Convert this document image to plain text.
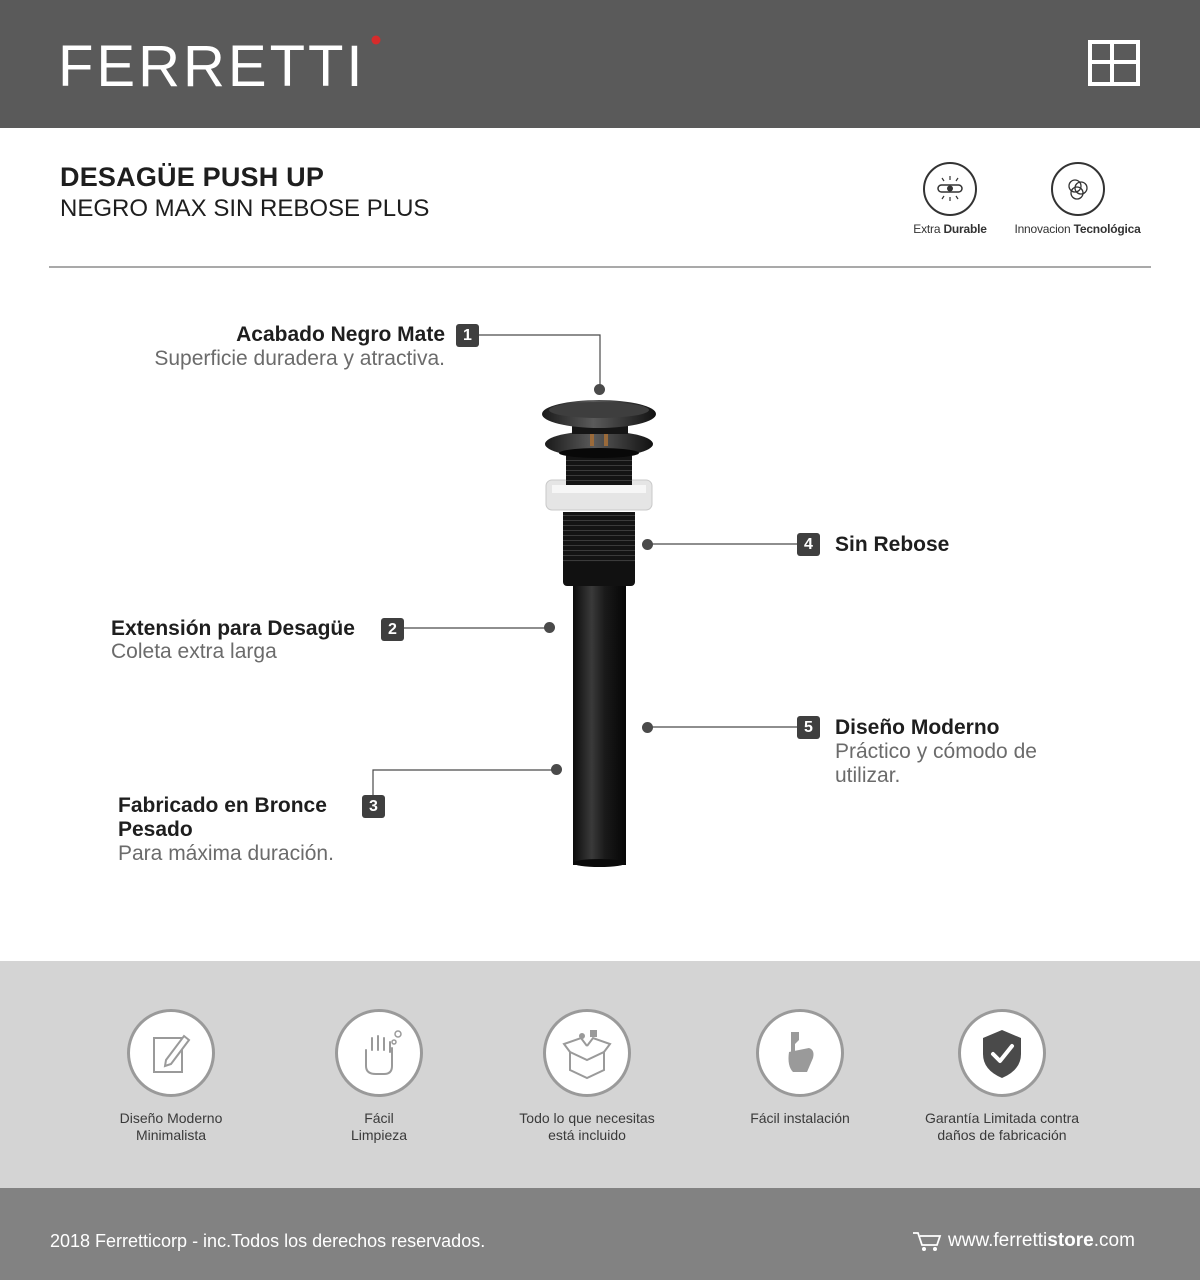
FERRETTI
DESAGÜE PUSH UP
NEGRO MAX SIN REBOSE PLUS
Extra Durable	Innovacion Tecnológica
Acabado Negro Mate
Superficie duradera y atractiva.
1
Extensión para Desagüe
Coleta extra larga
2
Fabricado en Bronce
Pesado
Para máxima duración.
3
4	Sin Rebose
5	Diseño Moderno
Práctico y cómodo de
utilizar.
Diseño Moderno
Minimalista
Fácil
Limpieza
Todo lo que necesitas
está incluido
Fácil instalación	Garantía Limitada contra
daños de fabricación
2018 Ferretticorp - inc.Todos los derechos reservados.	www.ferrettistore.com
